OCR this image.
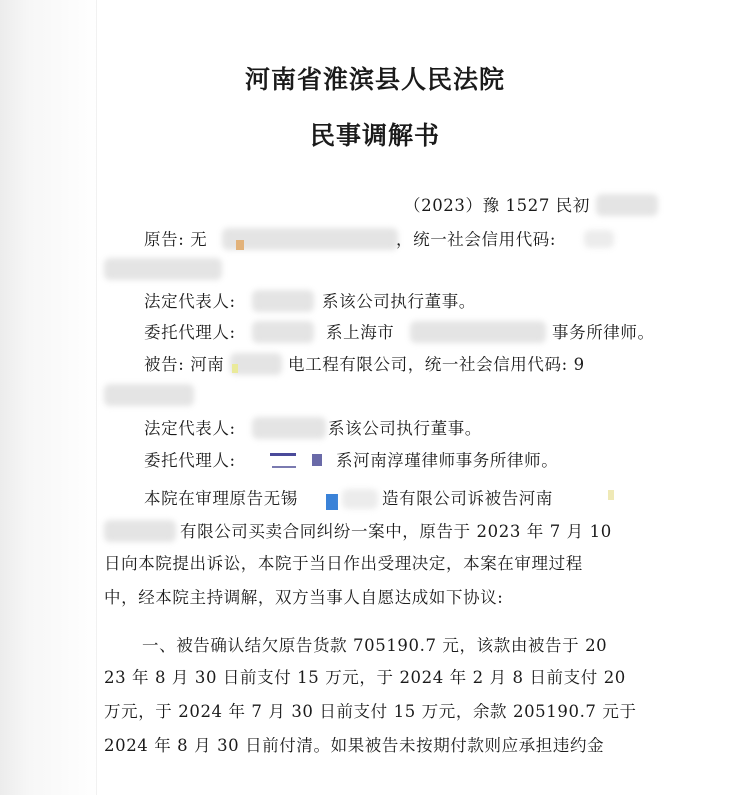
河南省淮滨县人民法院
民事调解书
（2023）豫 1527 民初
原告: 无	，统一社会信用代码:
法定代表人:	系该公司执行董事。
委托代理人:	系上海市	事务所律师。
被告: 河南	电工程有限公司，统一社会信用代码: 9
法定代表人:	系该公司执行董事。
委托代理人:	系河南淳瑾律师事务所律师。
本院在审理原告无锡	造有限公司诉被告河南
有限公司买卖合同纠纷一案中，原告于 2023 年 7 月 10
日向本院提出诉讼，本院于当日作出受理决定，本案在审理过程
中，经本院主持调解，双方当事人自愿达成如下协议:
一、被告确认结欠原告货款 705190.7 元，该款由被告于 20
23 年 8 月 30 日前支付 15 万元，于 2024 年 2 月 8 日前支付 20
万元，于 2024 年 7 月 30 日前支付 15 万元，余款 205190.7 元于
2024 年 8 月 30 日前付清。如果被告未按期付款则应承担违约金
